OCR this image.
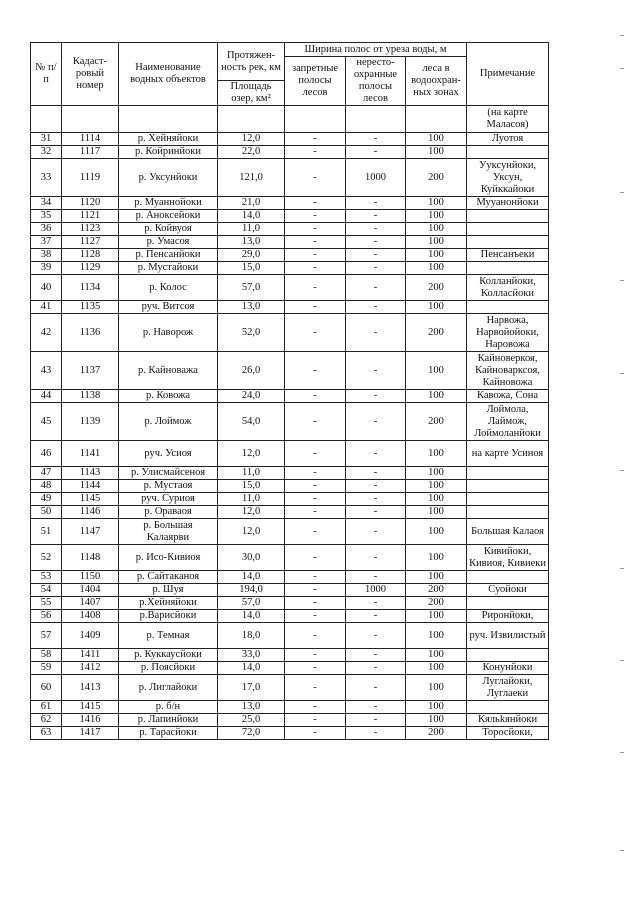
№ п/п	Кадаст-ровый номер	Наименование водных объектов	Протяжен-ность рек, км	Ширина полос от уреза воды, м			Примечание
				запретные полосы лесов	нересто-охранные полосы лесов	леса в водоохран-ных зонах	
			Площадь озер, км²				
							(на карте Маласоя)
31	1114	р. Хейняйоки	12,0	-	-	100	Луотоя
32	1117	р. Койринйоки	22,0	-	-	100	
33	1119	р. Уксунйоки	121,0	-	1000	200	Ууксунйоки, Уксун, Куйккайоки
34	1120	р. Муаннойоки	21,0	-	-	100	Мууанонйоки
35	1121	р. Аноксейоки	14,0	-	-	100	
36	1123	р. Койвуоя	11,0	-	-	100	
37	1127	р. Умасоя	13,0	-	-	100	
38	1128	р. Пенсанйоки	29,0	-	-	100	Пенсанъеки
39	1129	р. Мустайоки	15,0	-	-	100	
40	1134	р. Колос	57,0	-	-	200	Колланйоки, Колласйоки
41	1135	руч. Витсоя	13,0	-	-	100	
42	1136	р. Наворож	52,0	-	-	200	Нарвожа, Нарвойойоки, Наровожа
43	1137	р. Кайноважа	26,0	-	-	100	Кайноверкоя, Кайноварксоя, Кайновожа
44	1138	р. Ковожа	24,0	-	-	100	Кавожа, Сона
45	1139	р. Лоймож	54,0	-	-	200	Лоймола, Лаймож, Лоймоланйоки
46	1141	руч. Усиоя	12,0	-	-	100	на карте Усиноя
47	1143	р. Улисмайсеноя	11,0	-	-	100	
48	1144	р. Мустаоя	15,0	-	-	100	
49	1145	руч. Суриоя	11,0	-	-	100	
50	1146	р. Ораваоя	12,0	-	-	100	
51	1147	р. Большая Калаярви	12,0	-	-	100	Большая Калаоя
52	1148	р. Исо-Кивиоя	30,0	-	-	100	Кивийоки, Кивиоя, Кивиеки
53	1150	р. Сайтаканоя	14,0	-	-	100	
54	1404	р. Шуя	194,0	-	1000	200	Суойоки
55	1407	р.Хейняйоки	57,0	-	-	200	
56	1408	р.Варисйоки	14,0	-	-	100	Риронйоки,
57	1409	р. Темная	18,0	-	-	100	руч. Извилистый
58	1411	р. Куккаусйоки	33,0	-	-	100	
59	1412	р. Поясйоки	14,0	-	-	100	Конунйоки
60	1413	р. Лиглайоки	17,0	-	-	100	Луглайоки, Луглаеки
61	1415	р. б/н	13,0	-	-	100	
62	1416	р. Лапинйоки	25,0	-	-	100	Кяльkянйоки
63	1417	р. Тарасйоки	72,0	-	-	200	Торосйоки,
